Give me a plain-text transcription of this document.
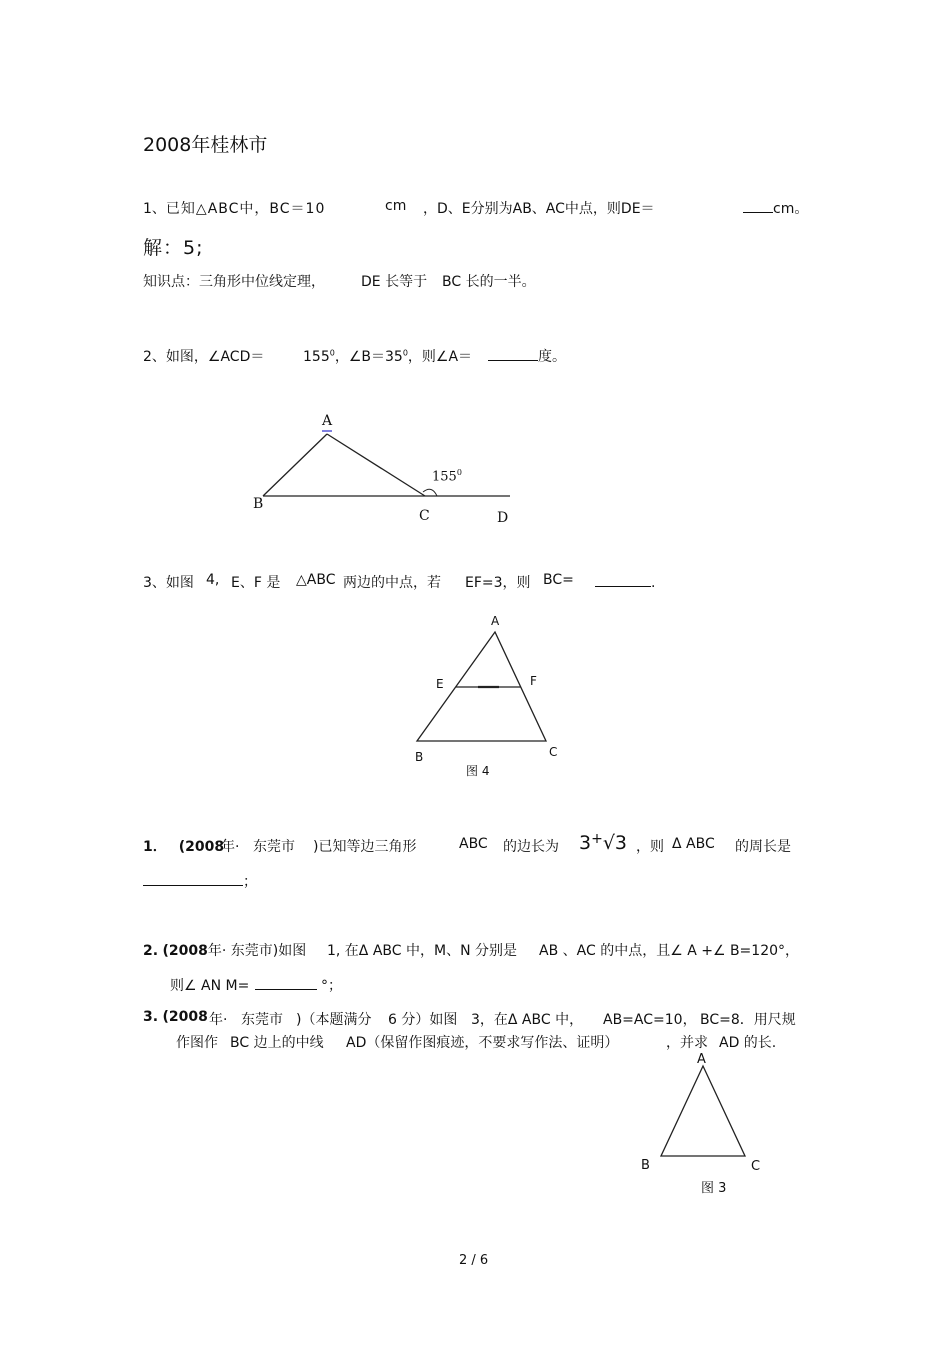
2008年桂林市
1、已知△ABC中，BC＝10	cm ，D、E分别为AB、AC中点，则DE＝	cm。
解：5;
知识点：三角形中位线定理，	DE 长等于 BC 长的一半。
2、如图，∠ACD＝	$155^0$，$\angle B=35^0$，则∠A＝	度。
A
B
C	D
$155^0$
3、如图 4, E、F 是 △ABC 两边的中点，若 EF=3，则 BC=	.
A
E	F
B	C
图 4
1． (2008
年· 东莞市 )已知等边三角形	ABC 的边长为 3+√3 ，则 Δ ABC 的周长是
；
2. (2008年· 东莞市)如图 1, 在Δ ABC 中，M、N 分别是 AB 、AC 的中点，且∠ A +∠ B=120°，
则∠ AN M=	°；
3. (2008 年· 东莞市 )（本题满分 6 分）如图 3，在Δ ABC 中， AB=AC=10， BC=8．用尺规
作图作 BC 边上的中线 AD（保留作图痕迹，不要求写作法、证明）	，并求 AD 的长.
A
B	C
图 3
2 / 6
